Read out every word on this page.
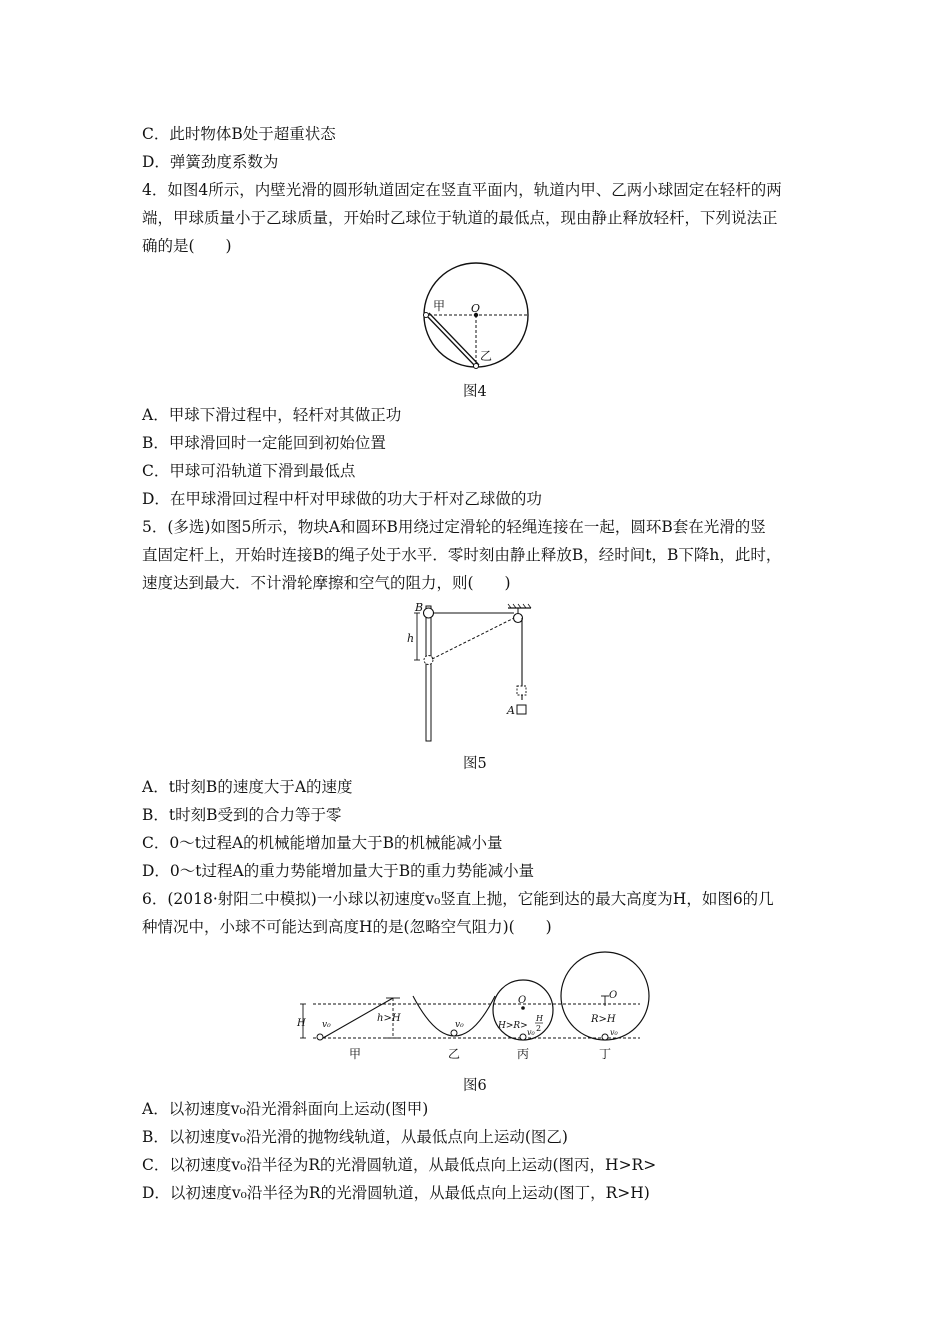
C．此时物体B处于超重状态
D．弹簧劲度系数为
4．如图4所示，内壁光滑的圆形轨道固定在竖直平面内，轨道内甲、乙两小球固定在轻杆的两
端，甲球质量小于乙球质量，开始时乙球位于轨道的最低点，现由静止释放轻杆，下列说法正
确的是(　　)
甲 O
乙
图4
A．甲球下滑过程中，轻杆对其做正功
B．甲球滑回时一定能回到初始位置
C．甲球可沿轨道下滑到最低点
D．在甲球滑回过程中杆对甲球做的功大于杆对乙球做的功
5．(多选)如图5所示，物块A和圆环B用绕过定滑轮的轻绳连接在一起，圆环B套在光滑的竖
直固定杆上，开始时连接B的绳子处于水平．零时刻由静止释放B，经时间t，B下降h，此时，
速度达到最大．不计滑轮摩擦和空气的阻力，则(　　)
B
h
A
图5
A．t时刻B的速度大于A的速度
B．t时刻B受到的合力等于零
C．0～t过程A的机械能增加量大于B的机械能减小量
D．0～t过程A的重力势能增加量大于B的重力势能减小量
6．(2018·射阳二中模拟)一小球以初速度v₀竖直上抛，它能到达的最大高度为H，如图6的几
种情况中，小球不可能达到高度H的是(忽略空气阻力)(　　)
H v₀
h>H
v₀
O
H>R>
H
2
v₀
O
R>H
v₀
甲	乙	丙	丁
图6
A．以初速度v₀沿光滑斜面向上运动(图甲)
B．以初速度v₀沿光滑的抛物线轨道，从最低点向上运动(图乙)
C．以初速度v₀沿半径为R的光滑圆轨道，从最低点向上运动(图丙，H>R>
D．以初速度v₀沿半径为R的光滑圆轨道，从最低点向上运动(图丁，R>H)
